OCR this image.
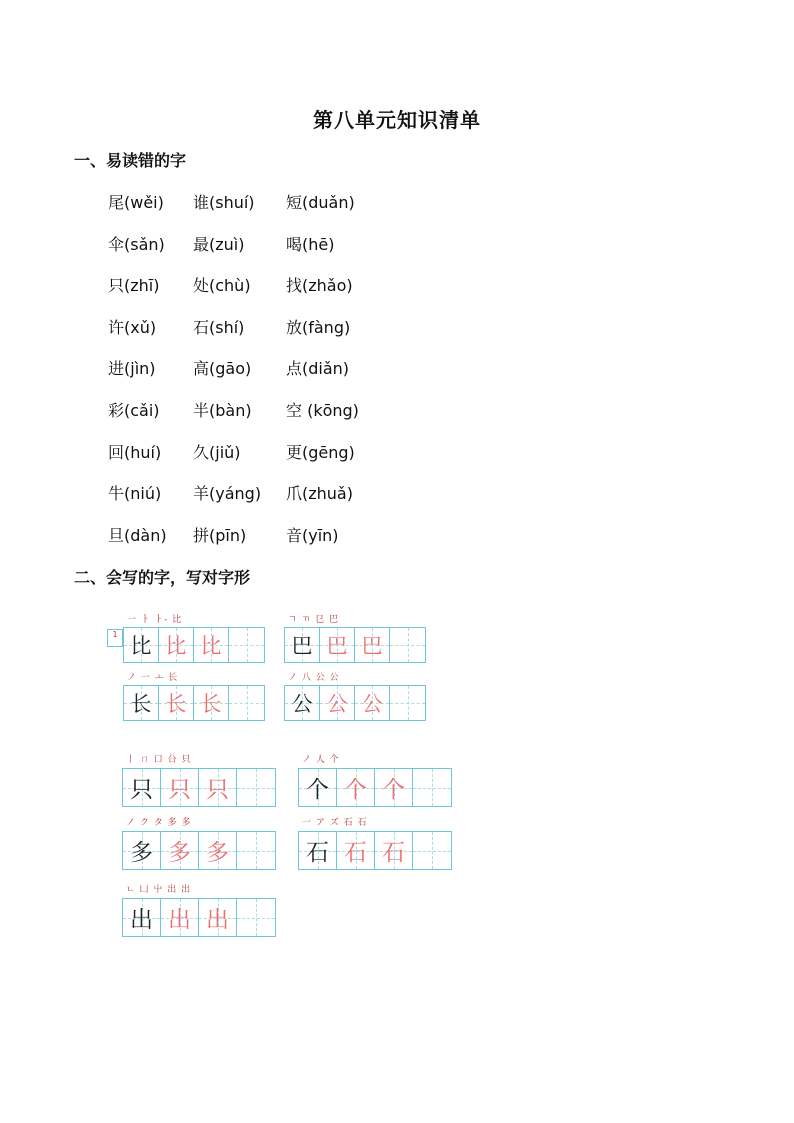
第八单元知识清单
一、易读错的字
二、会写的字，写对字形
尾(wěi) 谁(shuí) 短(duǎn)
伞(sǎn) 最(zuì)	喝(hē)
只(zhī) 处(chù) 找(zhǎo)
许(xǔ) 石(shí)	放(fàng)
进(jìn) 高(gāo) 点(diǎn)
彩(cǎi) 半(bàn) 空 (kōng)
回(huí) 久(jiǔ)	更(gēng)
牛(niú) 羊(yáng) 爪(zhuǎ)
旦(dàn) 拼(pīn) 音(yīn)
1
一 ㅏ ㅏ‑ 比
比 比 比
ㄱ ㄲ 㔾 巴
巴 巴 巴
ノ 一 ㅗ 长
长 长 长
ノ 八 公 公
公 公 公
丨 ㄇ 口 㕣 只
只 只 只
ノ 人 个
个 个 个
ノ ク タ 多 多
多 多 多
一 ア ズ 石 石
石 石 石
ㄴ 凵 屮 出 出
出 出 出
